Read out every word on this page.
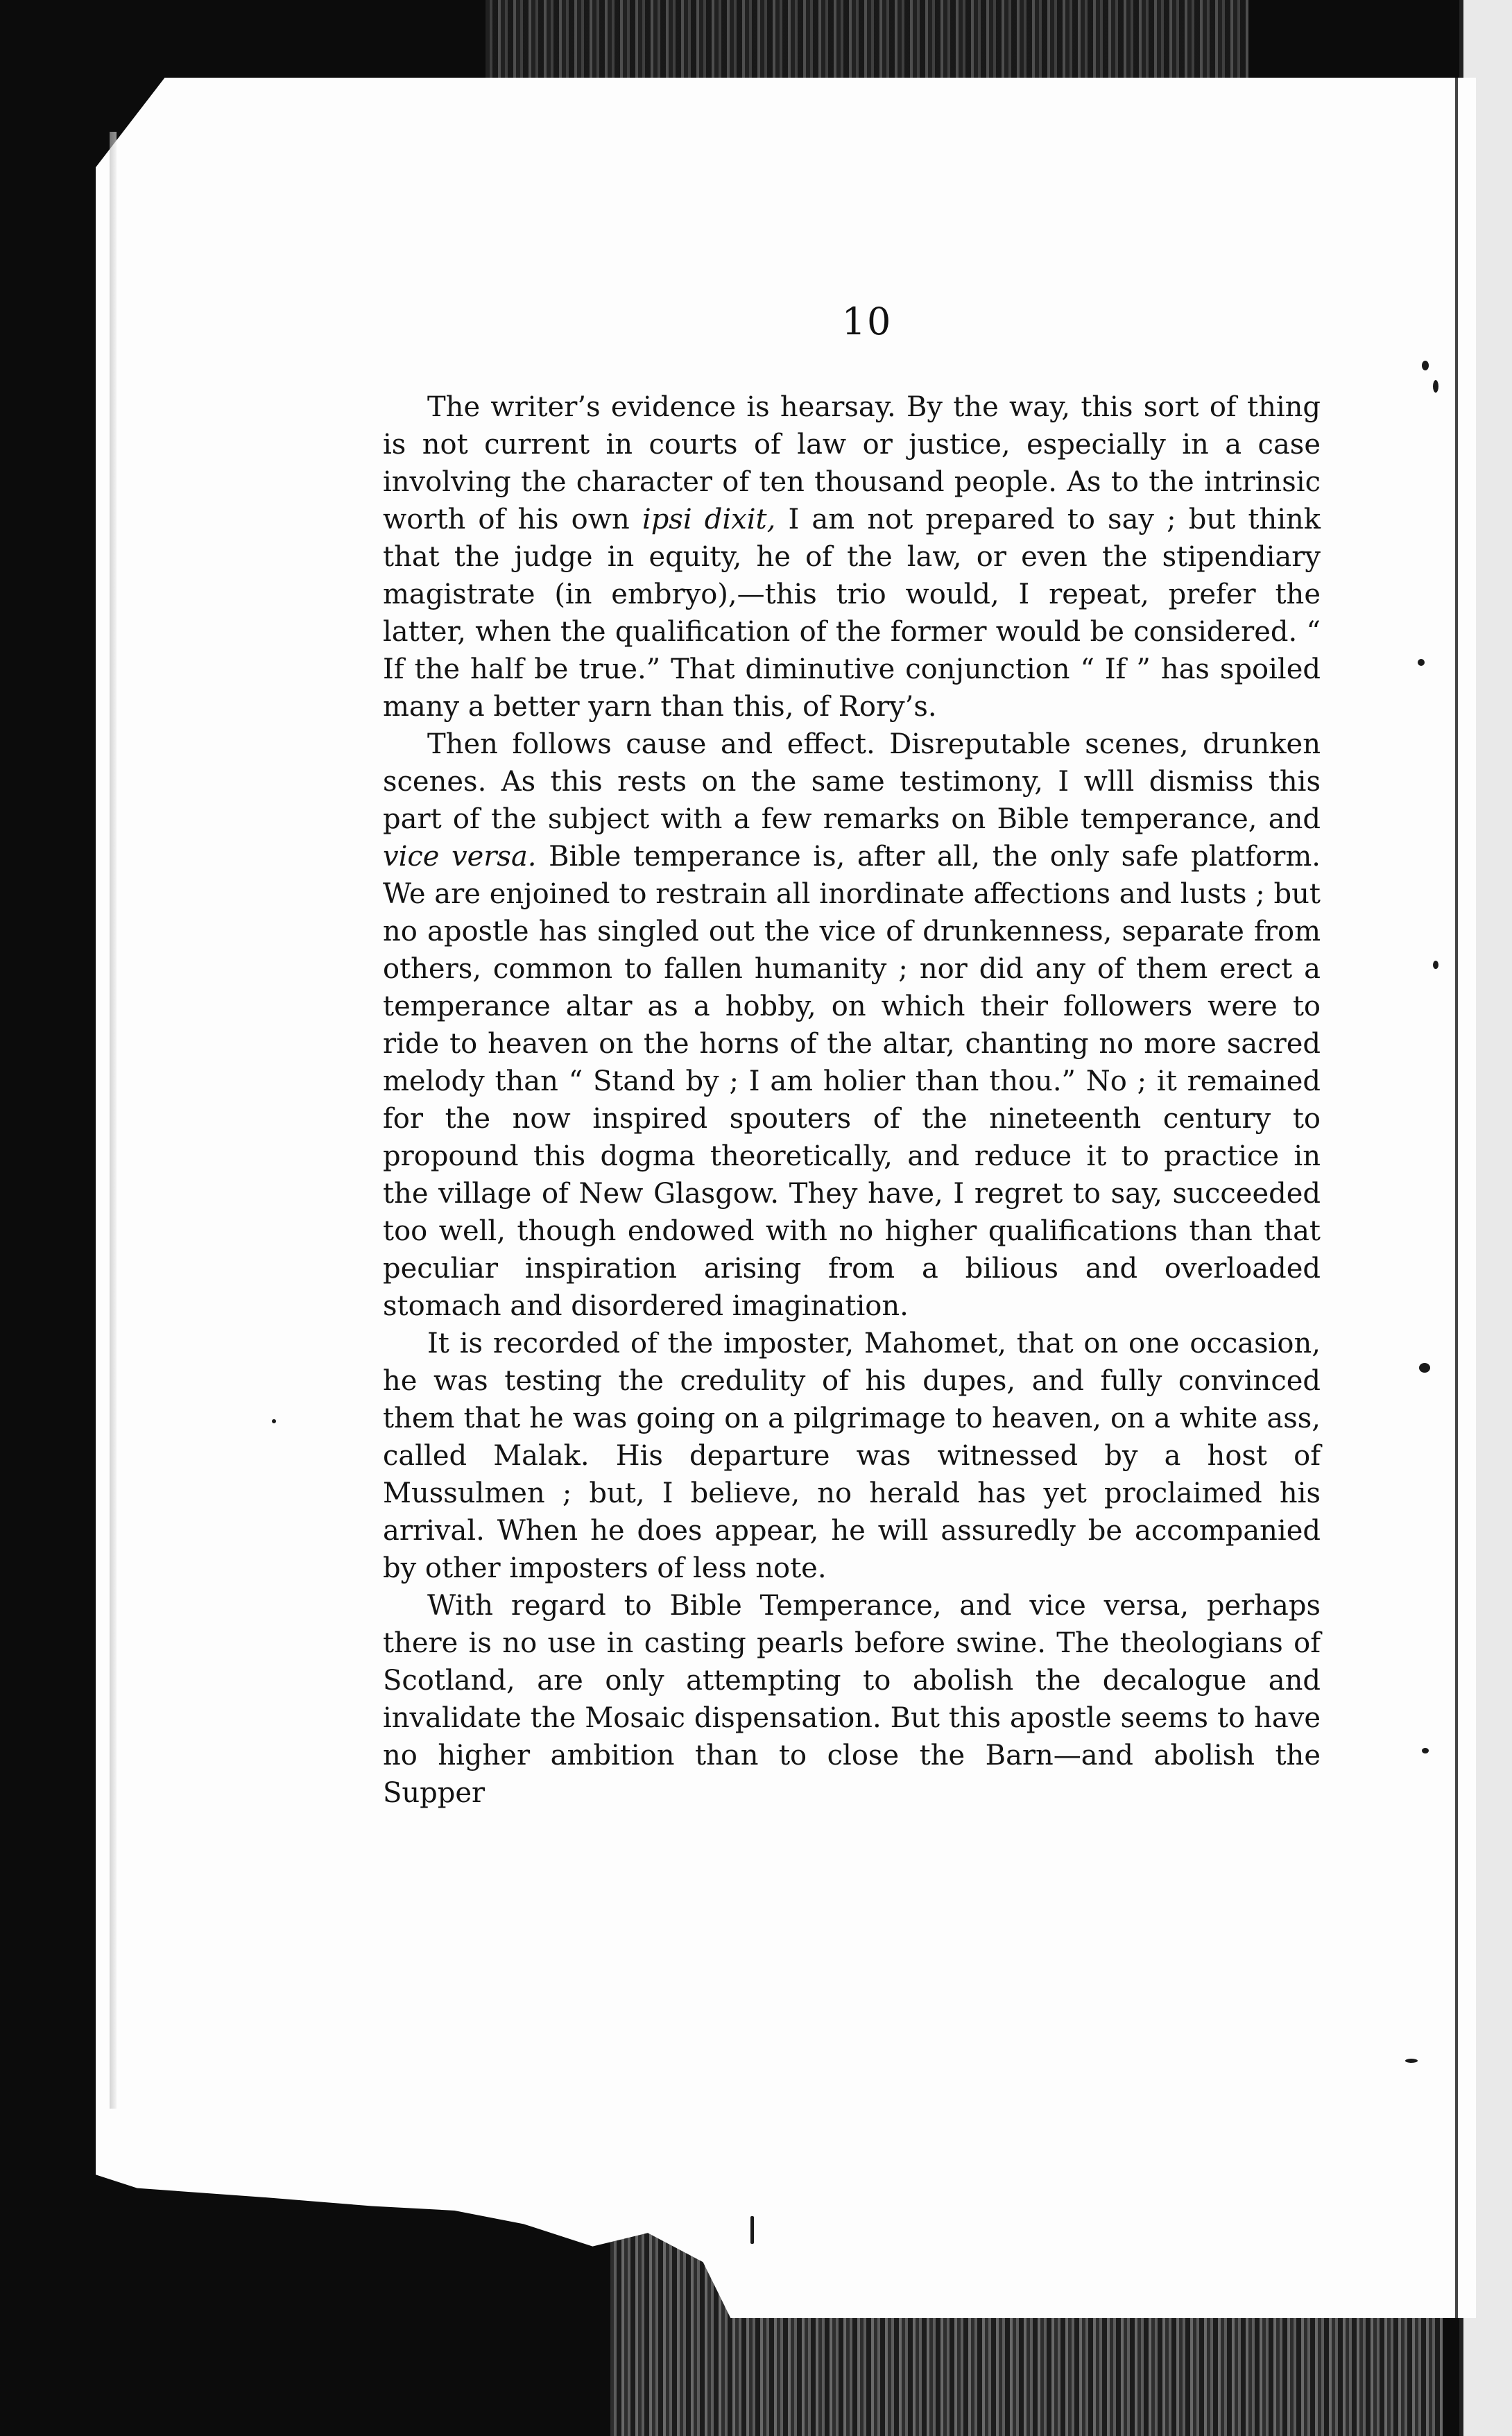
10

The writer’s evidence is hearsay. By the way, this sort of thing is not current in courts of law or justice, especially in a case involving the character of ten thousand people. As to the intrinsic worth of his own ipsi dixit, I am not prepared to say ; but think that the judge in equity, he of the law, or even the stipendiary magistrate (in embryo),—this trio would, I repeat, prefer the latter, when the qualification of the former would be considered. “ If the half be true.” That diminutive conjunction “ If ” has spoiled many a better yarn than this, of Rory’s.

Then follows cause and effect. Disreputable scenes, drunken scenes. As this rests on the same testimony, I wlll dismiss this part of the subject with a few remarks on Bible temperance, and vice versa. Bible temperance is, after all, the only safe platform. We are enjoined to restrain all inordinate affections and lusts ; but no apostle has singled out the vice of drunkenness, separate from others, common to fallen humanity ; nor did any of them erect a temperance altar as a hobby, on which their followers were to ride to heaven on the horns of the altar, chanting no more sacred melody than “ Stand by ; I am holier than thou.” No ; it remained for the now inspired spouters of the nineteenth century to propound this dogma theoretically, and reduce it to practice in the village of New Glasgow. They have, I regret to say, succeeded too well, though endowed with no higher qualifications than that peculiar inspiration arising from a bilious and overloaded stomach and disordered imagination.

It is recorded of the imposter, Mahomet, that on one occasion, he was testing the credulity of his dupes, and fully convinced them that he was going on a pilgrimage to heaven, on a white ass, called Malak. His departure was witnessed by a host of Mussulmen ; but, I believe, no herald has yet proclaimed his arrival. When he does appear, he will assuredly be accompanied by other imposters of less note.

With regard to Bible Temperance, and vice versa, perhaps there is no use in casting pearls before swine. The theologians of Scotland, are only attempting to abolish the decalogue and invalidate the Mosaic dispensation. But this apostle seems to have no higher ambition than to close the Barn—and abolish the Supper
